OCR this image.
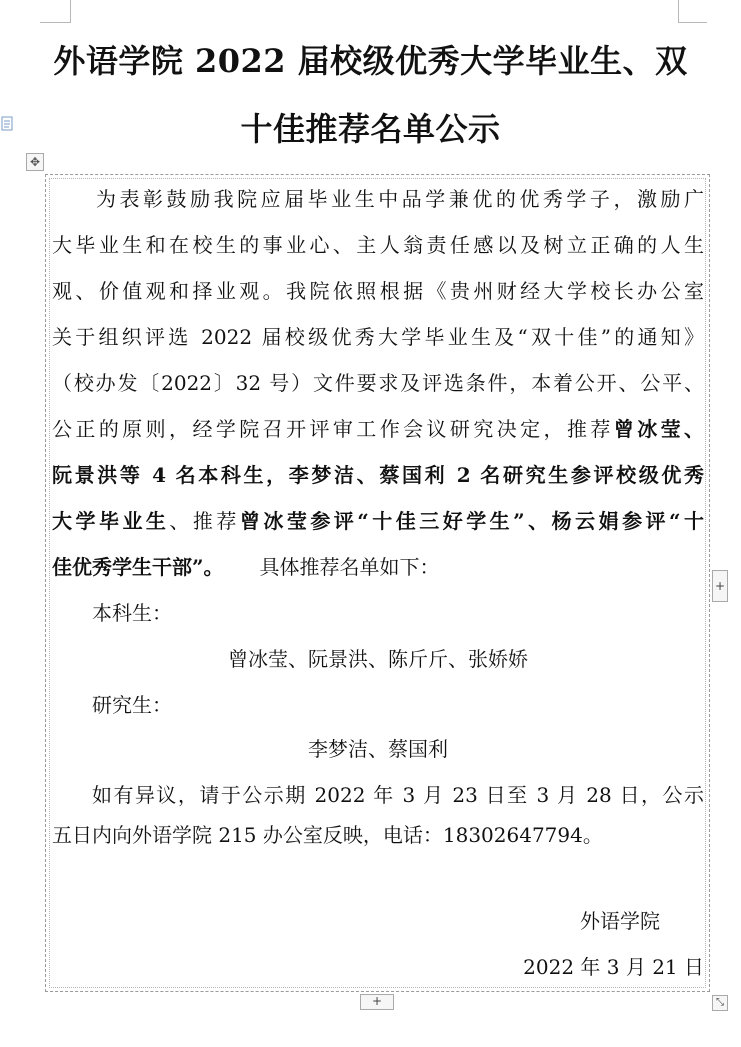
外语学院 2022 届校级优秀大学毕业生、双
十佳推荐名单公示
✥
为表彰鼓励我院应届毕业生中品学兼优的优秀学子，激励广
大毕业生和在校生的事业心、主人翁责任感以及树立正确的人生
观、价值观和择业观。我院依照根据《贵州财经大学校长办公室
关于组织评选 2022 届校级优秀大学毕业生及“双十佳”的通知》
（校办发〔2022〕32 号）文件要求及评选条件，本着公开、公平、
公正的原则，经学院召开评审工作会议研究决定，推荐曾冰莹、
阮景洪等 4 名本科生，李梦洁、蔡国利 2 名研究生参评校级优秀
大学毕业生、推荐曾冰莹参评“十佳三好学生”、杨云娟参评“十
佳优秀学生干部”。 具体推荐名单如下：
本科生：
曾冰莹、阮景洪、陈斤斤、张娇娇
研究生：
李梦洁、蔡国利
如有异议，请于公示期 2022 年 3 月 23 日至 3 月 28 日，公示
五日内向外语学院 215 办公室反映，电话：18302647794。
外语学院
2022 年 3 月 21 日
+
+	⤡
